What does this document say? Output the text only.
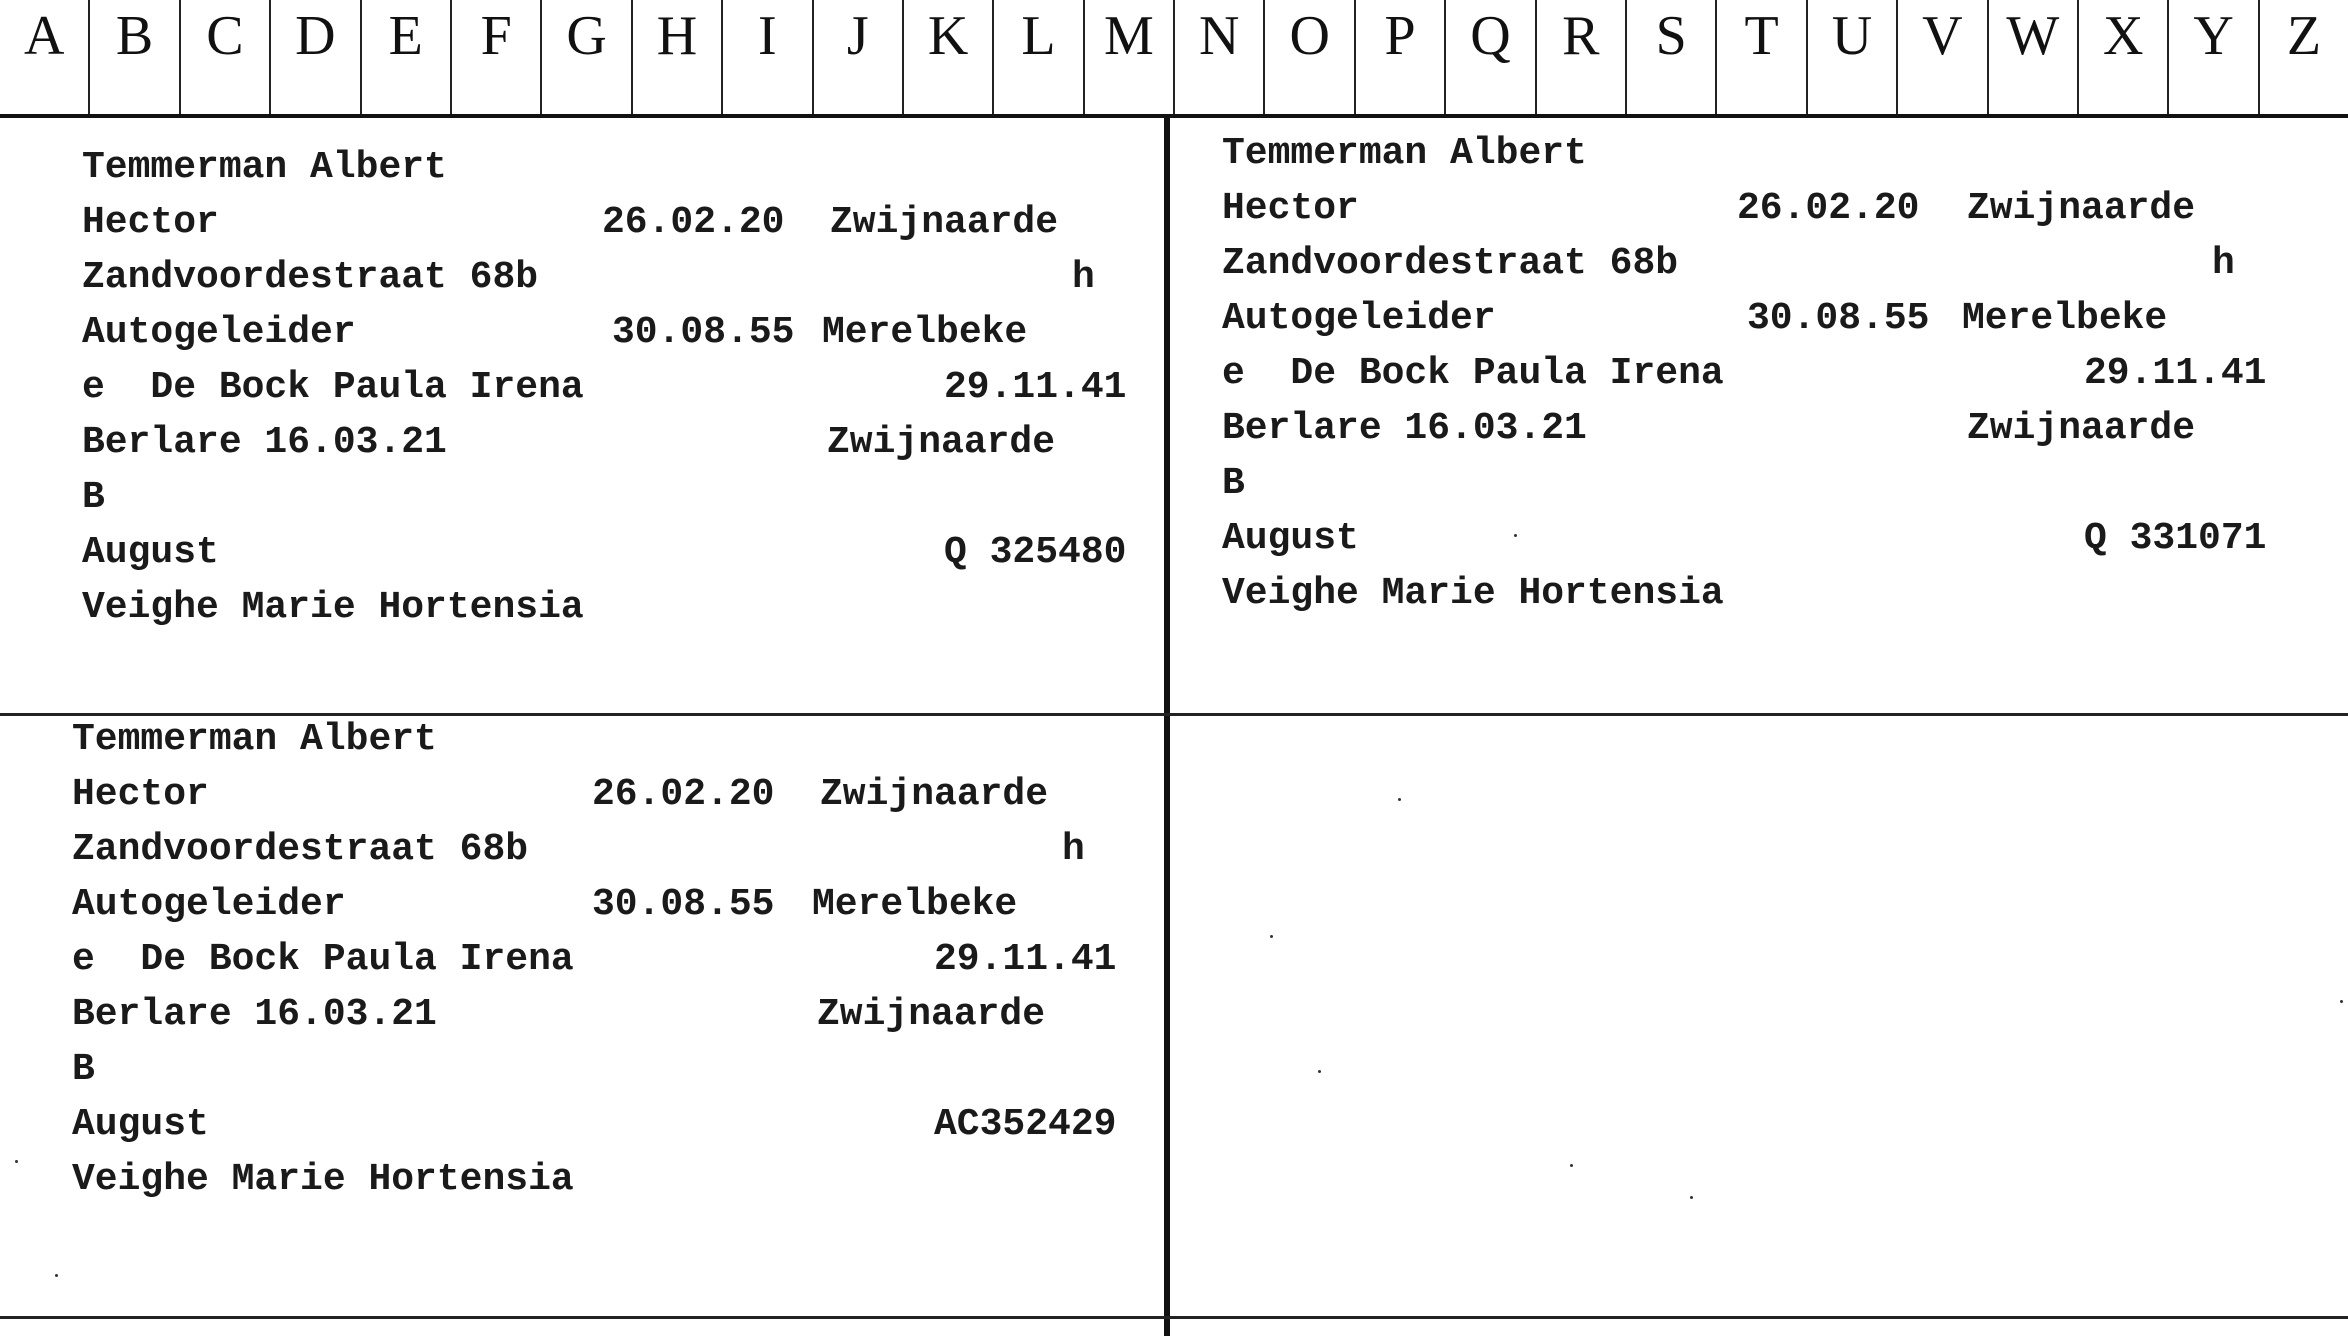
A B C D E	F G H	I	J	K L M N O P Q R	S	T U V W X Y Z

Temmerman Albert

Hector

	26.02.20

Zwijnaarde

Zandvoordestraat 68b

	h

Autogeleider

	30.08.55

Merelbeke

e  De Bock Paula Irena

	29.11.41

Berlare 16.03.21

	Zwijnaarde

B

August

	Q 325480

Veighe Marie Hortensia

Temmerman Albert

Hector

	26.02.20

Zwijnaarde

Zandvoordestraat 68b

	h

Autogeleider

	30.08.55

Merelbeke

e  De Bock Paula Irena

	29.11.41

Berlare 16.03.21

	Zwijnaarde

B

August

	Q 331071

Veighe Marie Hortensia

Temmerman Albert

Hector

	26.02.20

Zwijnaarde

Zandvoordestraat 68b

	h

Autogeleider

	30.08.55

Merelbeke

e  De Bock Paula Irena

	29.11.41

Berlare 16.03.21

	Zwijnaarde

B

August

	AC352429

Veighe Marie Hortensia
